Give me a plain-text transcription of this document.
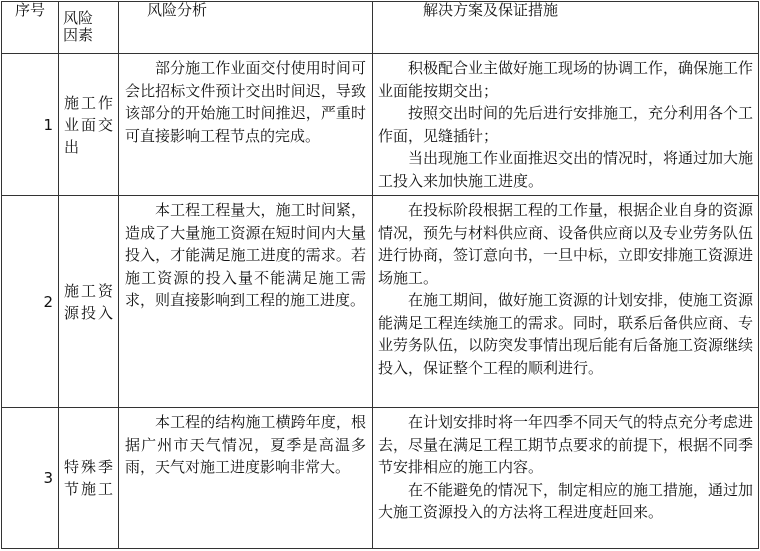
序号	风险因素	风险分析	解决方案及保证措施
1	施工作业面交出	部分施工作业面交付使用时间可会比招标文件预计交出时间迟，导致该部分的开始施工时间推迟，严重时可直接影响工程节点的完成。	积极配合业主做好施工现场的协调工作，确保施工作业面能按期交出；

按照交出时间的先后进行安排施工，充分利用各个工作面，见缝插针；

当出现施工作业面推迟交出的情况时，将通过加大施工投入来加快施工进度。

2	施工资源投入	本工程工程量大，施工时间紧，造成了大量施工资源在短时间内大量投入，才能满足施工进度的需求。若施工资源的投入量不能满足施工需求，则直接影响到工程的施工进度。	在投标阶段根据工程的工作量，根据企业自身的资源情况，预先与材料供应商、设备供应商以及专业劳务队伍进行协商，签订意向书，一旦中标，立即安排施工资源进场施工。

在施工期间，做好施工资源的计划安排，使施工资源能满足工程连续施工的需求。同时，联系后备供应商、专业劳务队伍，以防突发事情出现后能有后备施工资源继续投入，保证整个工程的顺利进行。

3	特殊季节施工	本工程的结构施工横跨年度，根据广州市天气情况，夏季是高温多雨，天气对施工进度影响非常大。	在计划安排时将一年四季不同天气的特点充分考虑进去，尽量在满足工程工期节点要求的前提下，根据不同季节安排相应的施工内容。

在不能避免的情况下，制定相应的施工措施，通过加大施工资源投入的方法将工程进度赶回来。
